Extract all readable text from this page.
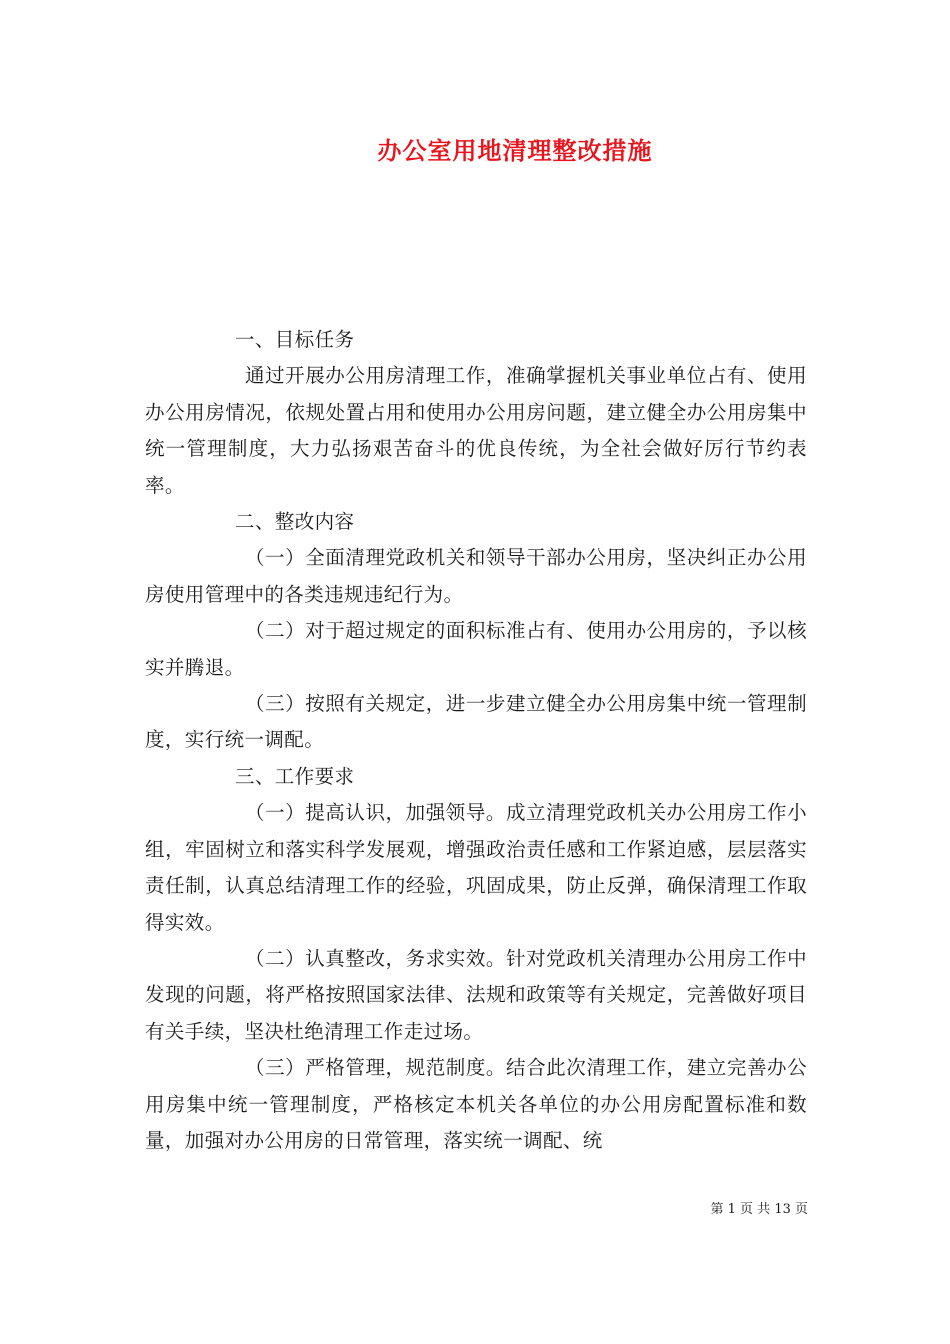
办公室用地清理整改措施

一、目标任务

通过开展办公用房清理工作，准确掌握机关事业单位占有、使用办公用房情况，依规处置占用和使用办公用房问题，建立健全办公用房集中统一管理制度，大力弘扬艰苦奋斗的优良传统，为全社会做好厉行节约表率。

二、整改内容

（一）全面清理党政机关和领导干部办公用房，坚决纠正办公用房使用管理中的各类违规违纪行为。

（二）对于超过规定的面积标准占有、使用办公用房的，予以核实并腾退。

（三）按照有关规定，进一步建立健全办公用房集中统一管理制度，实行统一调配。

三、工作要求

（一）提高认识，加强领导。成立清理党政机关办公用房工作小组，牢固树立和落实科学发展观，增强政治责任感和工作紧迫感，层层落实责任制，认真总结清理工作的经验，巩固成果，防止反弹，确保清理工作取得实效。

（二）认真整改，务求实效。针对党政机关清理办公用房工作中发现的问题，将严格按照国家法律、法规和政策等有关规定，完善做好项目有关手续，坚决杜绝清理工作走过场。

（三）严格管理，规范制度。结合此次清理工作，建立完善办公用房集中统一管理制度，严格核定本机关各单位的办公用房配置标准和数量，加强对办公用房的日常管理，落实统一调配、统

第 1 页 共 13 页
